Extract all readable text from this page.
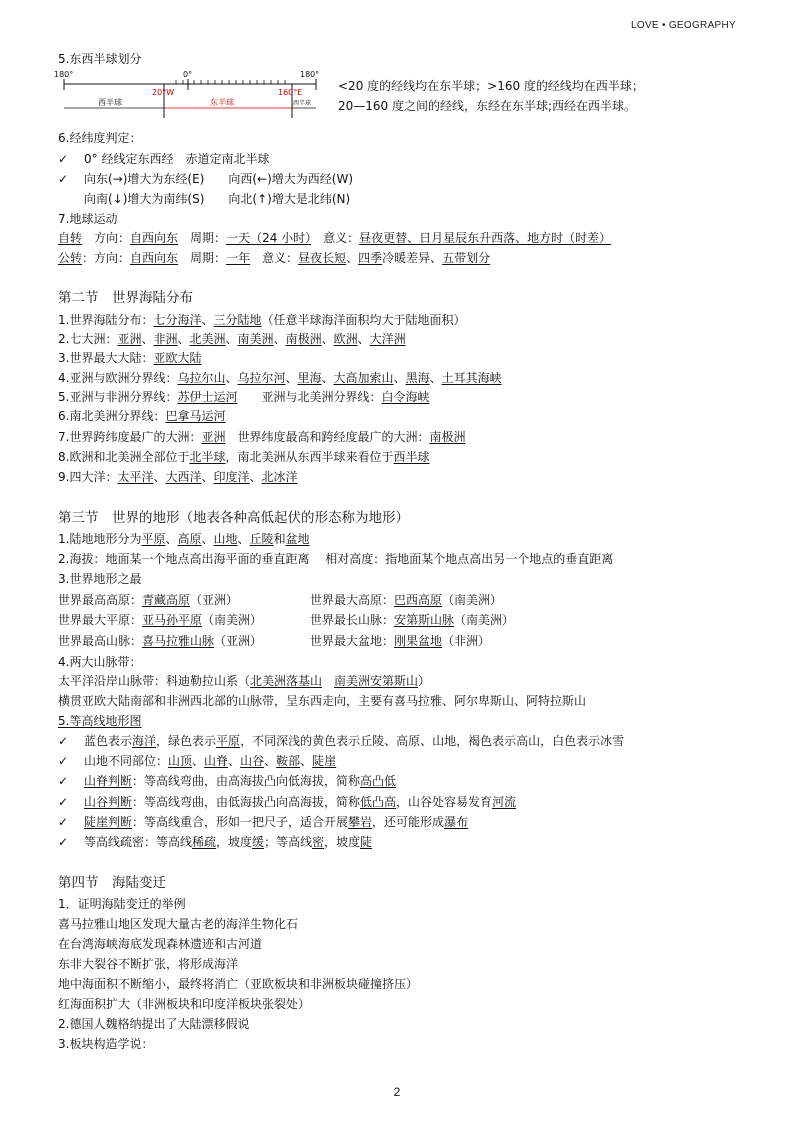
LOVE • GEOGRAPHY
5.东西半球划分
180°	0°	180°
20°W	160°E
西半球	东半球	西半球
<20 度的经线均在东半球；>160 度的经线均在西半球；
20—160 度之间的经线，东经在东半球;西经在西半球。
6.经纬度判定：
✓ 0° 经线定东西经　赤道定南北半球
✓ 向东(→)增大为东经(E)　　向西(←)增大为西经(W)
向南(↓)增大为南纬(S)　　向北(↑)增大是北纬(N)
7.地球运动
自转　方向：自西向东　周期：一天（24 小时）　意义：昼夜更替、日月星辰东升西落、地方时（时差）
公转：方向：自西向东　周期：一年　意义：昼夜长短、四季冷暖差异、五带划分
第二节　世界海陆分布
1.世界海陆分布：七分海洋、三分陆地（任意半球海洋面积均大于陆地面积）
2.七大洲：亚洲、非洲、北美洲、南美洲、南极洲、欧洲、大洋洲
3.世界最大大陆：亚欧大陆
4.亚洲与欧洲分界线：乌拉尔山、乌拉尔河、里海、大高加索山、黑海、土耳其海峡
5.亚洲与非洲分界线：苏伊士运河　　亚洲与北美洲分界线：白令海峡
6.南北美洲分界线：巴拿马运河
7.世界跨纬度最广的大洲：亚洲　世界纬度最高和跨经度最广的大洲：南极洲
8.欧洲和北美洲全部位于北半球，南北美洲从东西半球来看位于西半球
9.四大洋：太平洋、大西洋、印度洋、北冰洋
第三节　世界的地形（地表各种高低起伏的形态称为地形）
1.陆地地形分为平原、高原、山地、丘陵和盆地
2.海拔：地面某一个地点高出海平面的垂直距离　 相对高度：指地面某个地点高出另一个地点的垂直距离
3.世界地形之最
世界最高高原：青藏高原（亚洲）	世界最大高原：巴西高原（南美洲）
世界最大平原：亚马孙平原（南美洲）	世界最长山脉：安第斯山脉（南美洲）
世界最高山脉：喜马拉雅山脉（亚洲）	世界最大盆地：刚果盆地（非洲）
4.两大山脉带：
太平洋沿岸山脉带：科迪勒拉山系（北美洲落基山　 南美洲安第斯山）
横贯亚欧大陆南部和非洲西北部的山脉带，呈东西走向，主要有喜马拉雅、阿尔卑斯山、阿特拉斯山
5.等高线地形图
✓ 蓝色表示海洋，绿色表示平原，不同深浅的黄色表示丘陵、高原、山地，褐色表示高山，白色表示冰雪
✓ 山地不同部位：山顶、山脊、山谷、鞍部、陡崖
✓ 山脊判断：等高线弯曲，由高海拔凸向低海拔，简称高凸低
✓ 山谷判断：等高线弯曲，由低海拔凸向高海拔，简称低凸高，山谷处容易发育河流
✓ 陡崖判断：等高线重合，形如一把尺子，适合开展攀岩，还可能形成瀑布
✓ 等高线疏密：等高线稀疏，坡度缓；等高线密，坡度陡
第四节　海陆变迁
1．证明海陆变迁的举例
喜马拉雅山地区发现大量古老的海洋生物化石
在台湾海峡海底发现森林遗迹和古河道
东非大裂谷不断扩张，将形成海洋
地中海面积不断缩小，最终将消亡（亚欧板块和非洲板块碰撞挤压）
红海面积扩大（非洲板块和印度洋板块张裂处）
2.德国人魏格纳提出了大陆漂移假说
3.板块构造学说：
2
